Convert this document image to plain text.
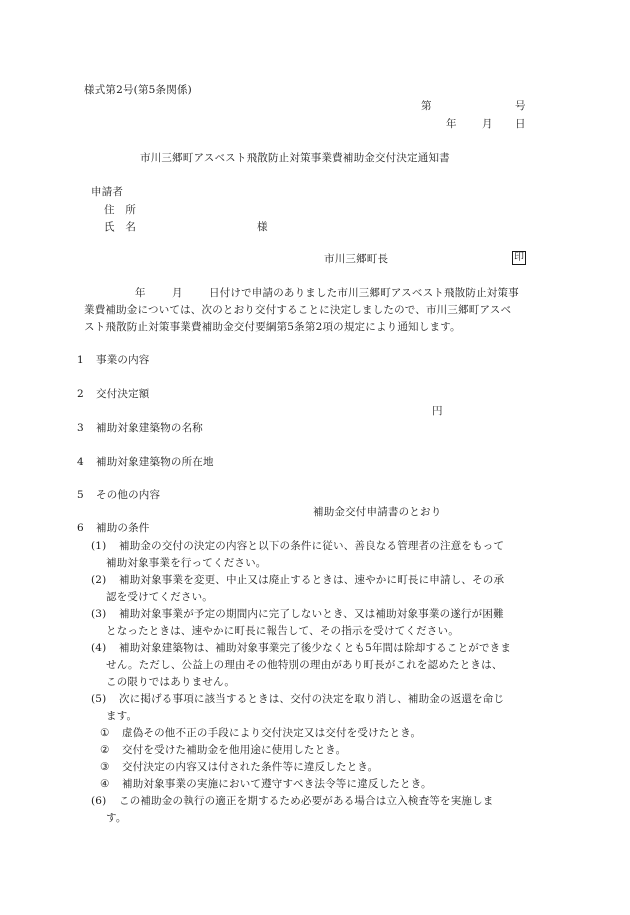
様式第2号(第5条関係)
第	号
年 月 日
市川三郷町アスベスト飛散防止対策事業費補助金交付決定通知書
申請者
住　所
氏　名	様
市川三郷町長	印
年	月	日付けで申請のありました市川三郷町アスベスト飛散防止対策事
業費補助金については、次のとおり交付することに決定しましたので、市川三郷町アスベ
スト飛散防止対策事業費補助金交付要綱第5条第2項の規定により通知します。
1 事業の内容
2 交付決定額
円
3 補助対象建築物の名称
4 補助対象建築物の所在地
5 その他の内容
補助金交付申請書のとおり
6 補助の条件
(1) 補助金の交付の決定の内容と以下の条件に従い、善良なる管理者の注意をもって
補助対象事業を行ってください。
(2) 補助対象事業を変更、中止又は廃止するときは、速やかに町長に申請し、その承
認を受けてください。
(3) 補助対象事業が予定の期間内に完了しないとき、又は補助対象事業の遂行が困難
となったときは、速やかに町長に報告して、その指示を受けてください。
(4) 補助対象建築物は、補助対象事業完了後少なくとも5年間は除却することができま
せん。ただし、公益上の理由その他特別の理由があり町長がこれを認めたときは、
この限りではありません。
(5) 次に掲げる事項に該当するときは、交付の決定を取り消し、補助金の返還を命じ
ます。
① 虚偽その他不正の手段により交付決定又は交付を受けたとき。
② 交付を受けた補助金を他用途に使用したとき。
③ 交付決定の内容又は付された条件等に違反したとき。
④ 補助対象事業の実施において遵守すべき法令等に違反したとき。
(6) この補助金の執行の適正を期するため必要がある場合は立入検査等を実施しま
す。
